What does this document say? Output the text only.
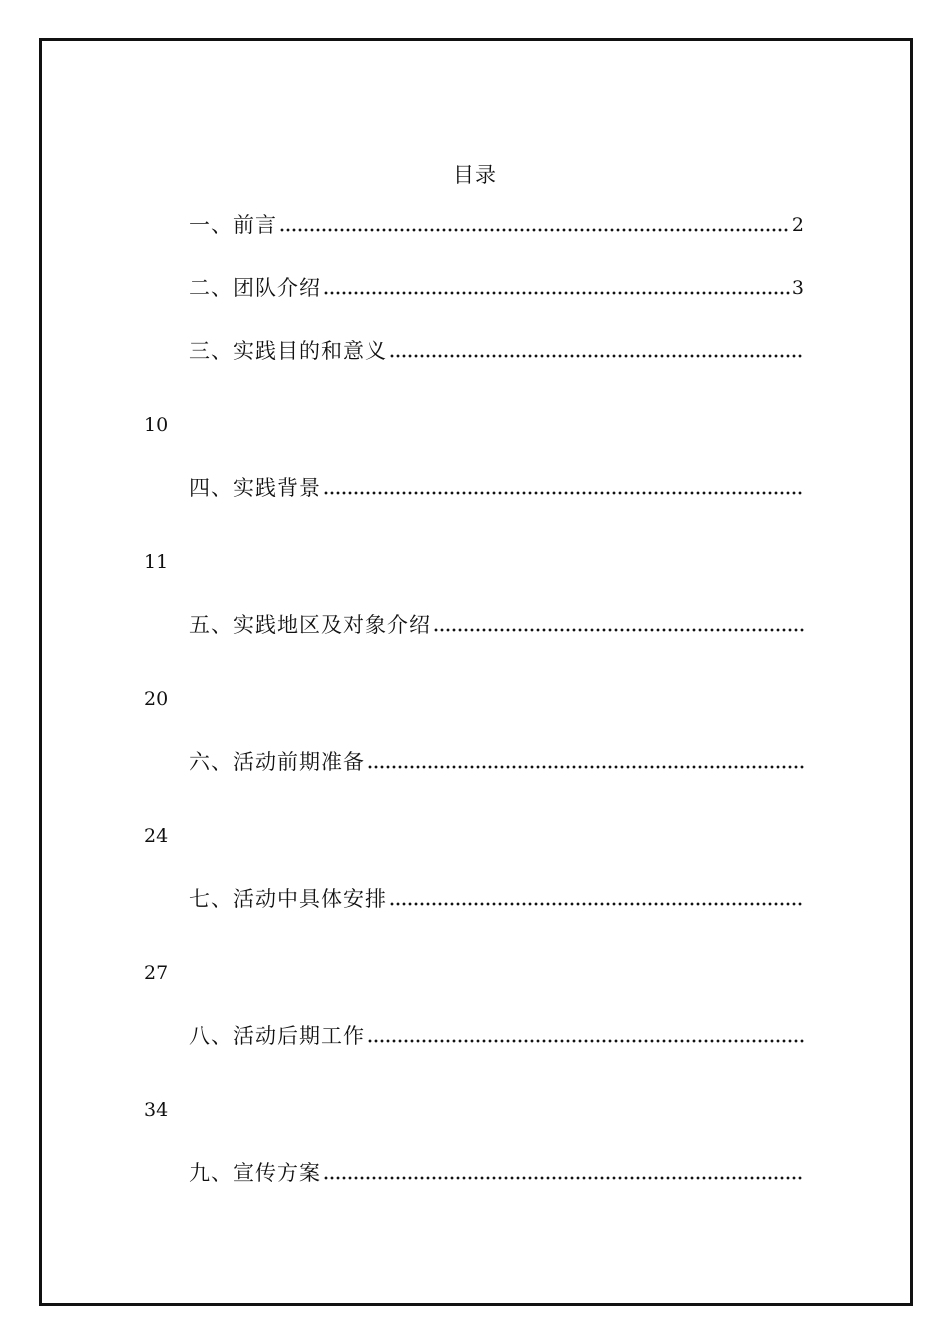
目录
一、前言	2
二、团队介绍	3
三、实践目的和意义
10
四、实践背景
11
五、实践地区及对象介绍
20
六、活动前期准备
24
七、活动中具体安排
27
八、活动后期工作
34
九、宣传方案
